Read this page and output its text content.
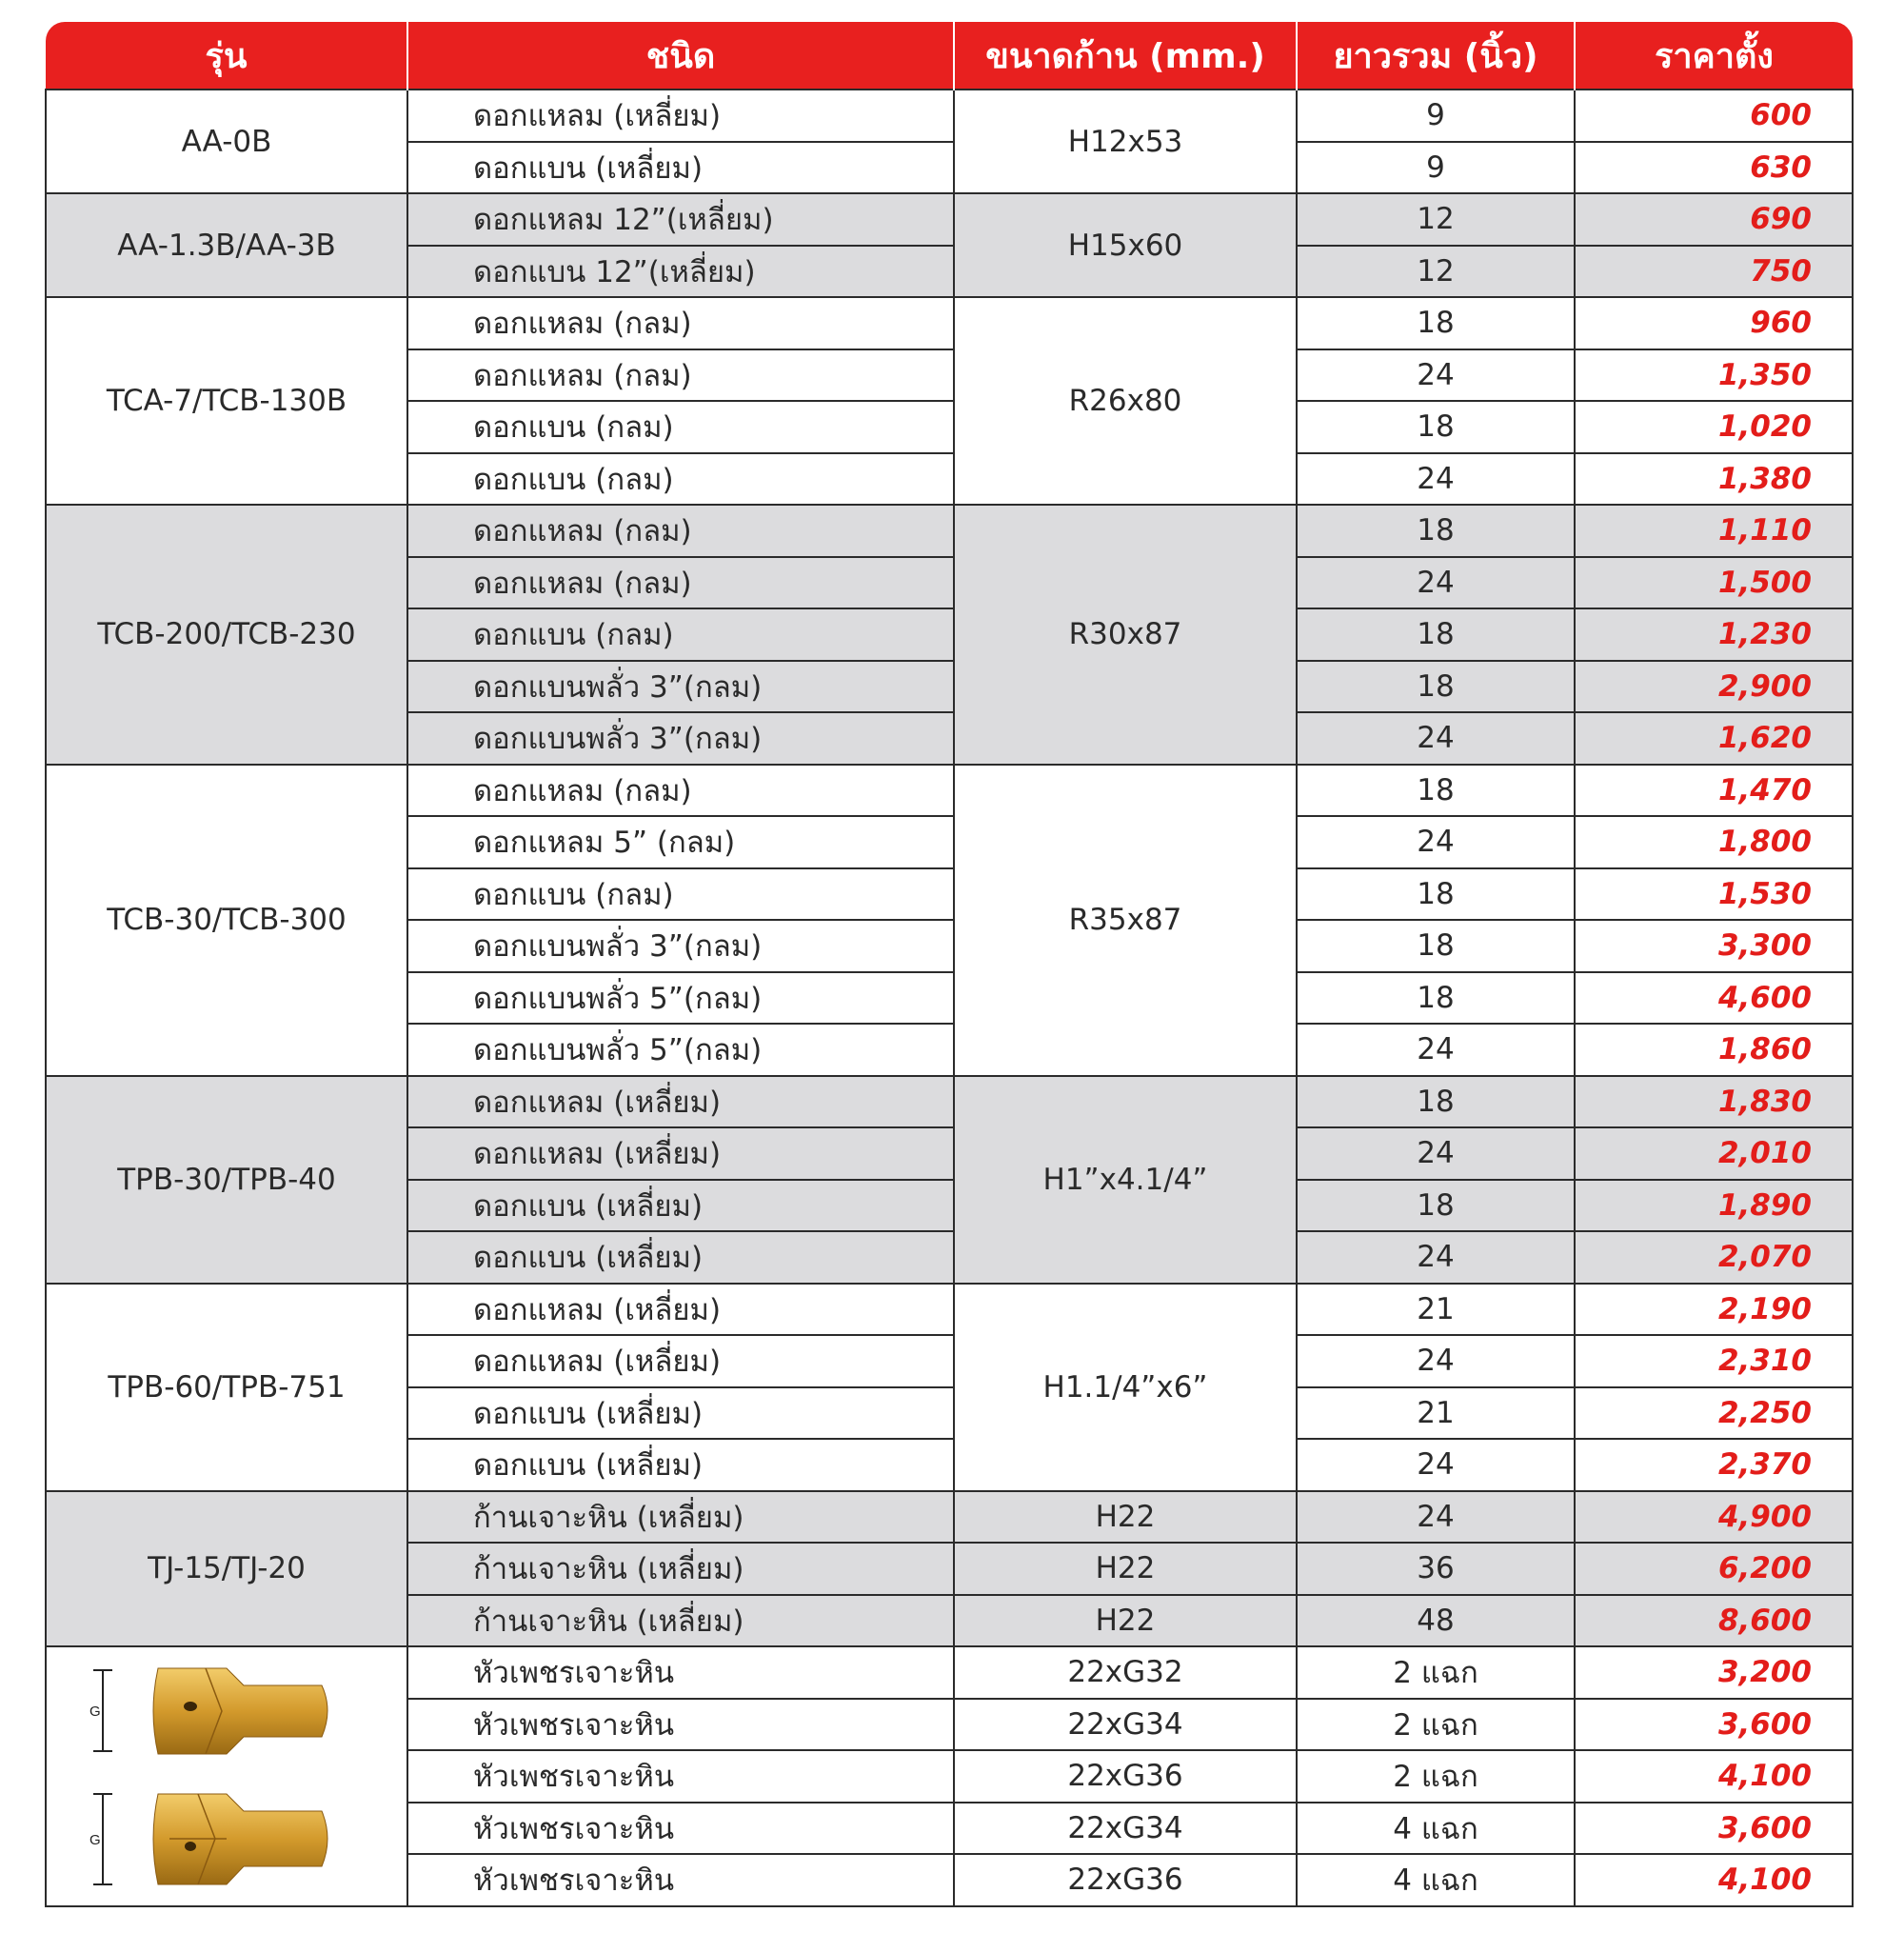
รุ่น	ชนิด	ขนาดก้าน (mm.)	ยาวรวม (นิ้ว)	ราคาตั้ง
AA-0B	ดอกแหลม (เหลี่ยม)	H12x53	9	600
	ดอกแบน (เหลี่ยม)		9	630
AA-1.3B/AA-3B	ดอกแหลม 12”(เหลี่ยม)	H15x60	12	690
	ดอกแบน 12”(เหลี่ยม)		12	750
TCA-7/TCB-130B	ดอกแหลม (กลม)	R26x80	18	960
	ดอกแหลม (กลม)		24	1,350
	ดอกแบน (กลม)		18	1,020
	ดอกแบน (กลม)		24	1,380
TCB-200/TCB-230	ดอกแหลม (กลม)	R30x87	18	1,110
	ดอกแหลม (กลม)		24	1,500
	ดอกแบน (กลม)		18	1,230
	ดอกแบนพลั่ว 3”(กลม)		18	2,900
	ดอกแบนพลั่ว 3”(กลม)		24	1,620
TCB-30/TCB-300	ดอกแหลม (กลม)	R35x87	18	1,470
	ดอกแหลม 5” (กลม)		24	1,800
	ดอกแบน (กลม)		18	1,530
	ดอกแบนพลั่ว 3”(กลม)		18	3,300
	ดอกแบนพลั่ว 5”(กลม)		18	4,600
	ดอกแบนพลั่ว 5”(กลม)		24	1,860
TPB-30/TPB-40	ดอกแหลม (เหลี่ยม)	H1”x4.1/4”	18	1,830
	ดอกแหลม (เหลี่ยม)		24	2,010
	ดอกแบน (เหลี่ยม)		18	1,890
	ดอกแบน (เหลี่ยม)		24	2,070
TPB-60/TPB-751	ดอกแหลม (เหลี่ยม)	H1.1/4”x6”	21	2,190
	ดอกแหลม (เหลี่ยม)		24	2,310
	ดอกแบน (เหลี่ยม)		21	2,250
	ดอกแบน (เหลี่ยม)		24	2,370
TJ-15/TJ-20	ก้านเจาะหิน (เหลี่ยม)	H22	24	4,900
	ก้านเจาะหิน (เหลี่ยม)	H22	36	6,200
	ก้านเจาะหิน (เหลี่ยม)	H22	48	8,600

G
G	หัวเพชรเจาะหิน	22xG32	2 แฉก	3,200
	หัวเพชรเจาะหิน	22xG34	2 แฉก	3,600
	หัวเพชรเจาะหิน	22xG36	2 แฉก	4,100
	หัวเพชรเจาะหิน	22xG34	4 แฉก	3,600
	หัวเพชรเจาะหิน	22xG36	4 แฉก	4,100
